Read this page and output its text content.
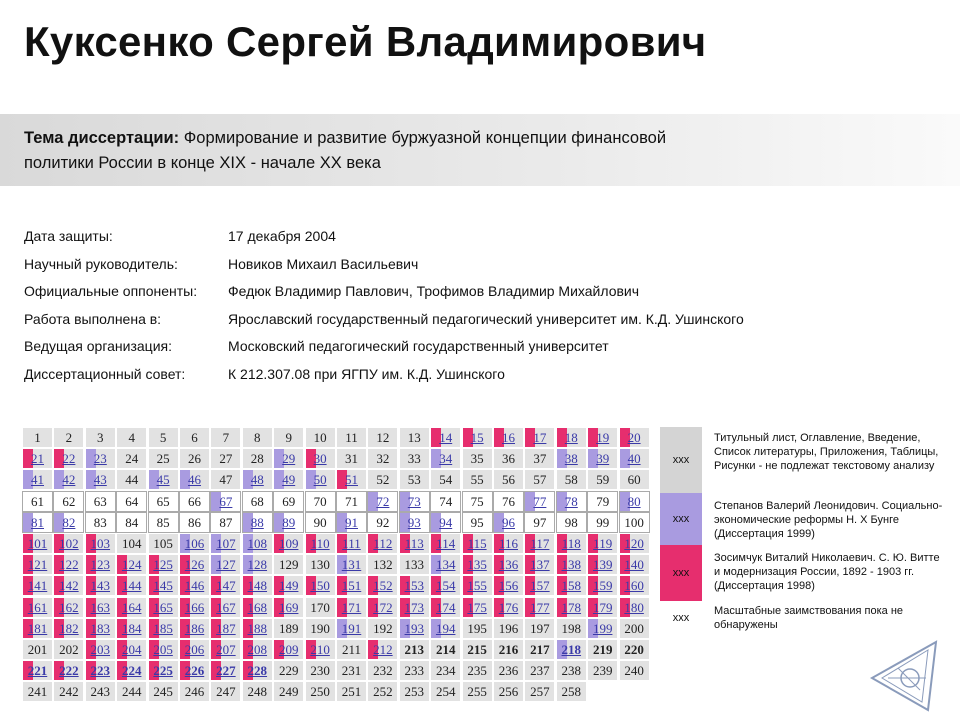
Куксенко Сергей Владимирович

Тема диссертации: Формирование и развитие буржуазной концепции финансовой политики России в конце XIX - начале XX века

Дата защиты:	17 декабря 2004
Научный руководитель:	Новиков Михаил Васильевич
Официальные оппоненты:	Федюк Владимир Павлович, Трофимов Владимир Михайлович
Работа выполнена в:	Ярославский государственный педагогический университет им. К.Д. Ушинского
Ведущая организация:	Московский педагогический государственный университет
Диссертационный совет:	К 212.307.08 при ЯГПУ им. К.Д. Ушинского
1	2	3	4	5	6	7	8	9	10	11	12	13	14	15	16	17	18	19	20
21	22	23	24	25	26	27	28	29	30	31	32	33	34	35	36	37	38	39	40
41	42	43	44	45	46	47	48	49	50	51	52	53	54	55	56	57	58	59	60
61	62	63	64	65	66	67	68	69	70	71	72	73	74	75	76	77	78	79	80
81	82	83	84	85	86	87	88	89	90	91	92	93	94	95	96	97	98	99	100
101 102 103 104 105 106 107 108 109 110 111 112 113 114 115 116 117 118 119 120
121 122 123 124 125 126 127 128 129 130 131 132 133 134 135 136 137 138 139 140
141 142 143 144 145 146 147 148 149 150 151 152 153 154 155 156 157 158 159 160
161 162 163 164 165 166 167 168 169 170 171 172 173 174 175 176 177 178 179 180
181 182 183 184 185 186 187 188 189 190 191 192 193 194 195 196 197 198 199 200
201 202 203 204 205 206 207 208 209 210 211 212 213 214 215 216 217 218 219 220
221 222 223 224 225 226 227 228 229 230 231 232 233 234 235 236 237 238 239 240
241 242 243 244 245 246 247 248 249 250 251 252 253 254 255 256 257 258
xxx
Титульный лист, Оглавление, Введение, Список литературы, Приложения, Таблицы, Рисунки - не подлежат текстовому анализу
xxx
Степанов Валерий Леонидович. Социально-экономические реформы Н. Х Бунге (Диссертация 1999)
xxx
Зосимчук Виталий Николаевич. С. Ю. Витте и модернизация России, 1892 - 1903 гг. (Диссертация 1998)
xxx
Масштабные заимствования пока не обнаружены
